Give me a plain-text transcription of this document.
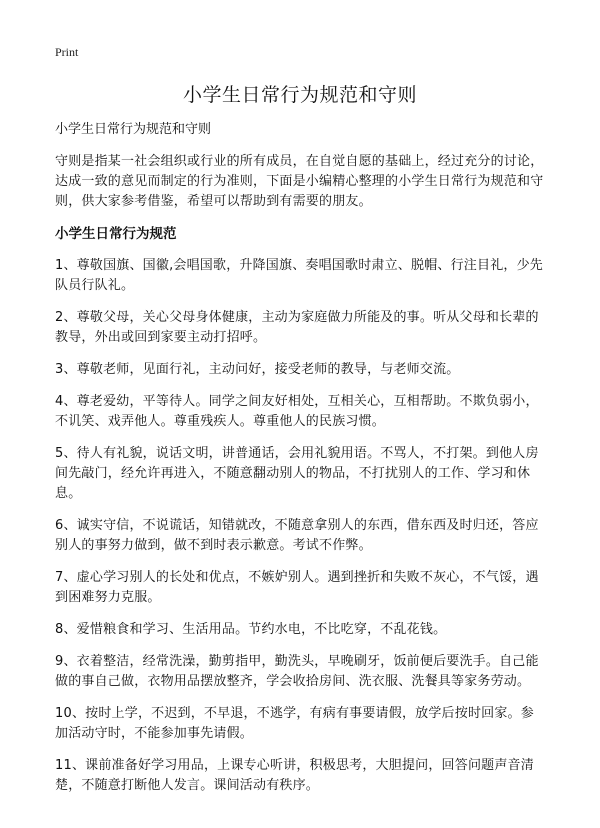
Print
小学生日常行为规范和守则

小学生日常行为规范和守则

守则是指某一社会组织或行业的所有成员，在自觉自愿的基础上，经过充分的讨论，达成一致的意见而制定的行为准则，下面是小编精心整理的小学生日常行为规范和守则，供大家参考借鉴，希望可以帮助到有需要的朋友。

小学生日常行为规范

1、尊敬国旗、国徽,会唱国歌，升降国旗、奏唱国歌时肃立、脱帽、行注目礼，少先队员行队礼。

2、尊敬父母，关心父母身体健康，主动为家庭做力所能及的事。听从父母和长辈的教导，外出或回到家要主动打招呼。

3、尊敬老师，见面行礼，主动问好，接受老师的教导，与老师交流。

4、尊老爱幼，平等待人。同学之间友好相处，互相关心，互相帮助。不欺负弱小，不讥笑、戏弄他人。尊重残疾人。尊重他人的民族习惯。

5、待人有礼貌，说话文明，讲普通话，会用礼貌用语。不骂人，不打架。到他人房间先敲门，经允许再进入，不随意翻动别人的物品，不打扰别人的工作、学习和休息。

6、诚实守信，不说谎话，知错就改，不随意拿别人的东西，借东西及时归还，答应别人的事努力做到，做不到时表示歉意。考试不作弊。

7、虚心学习别人的长处和优点，不嫉妒别人。遇到挫折和失败不灰心，不气馁，遇到困难努力克服。

8、爱惜粮食和学习、生活用品。节约水电，不比吃穿，不乱花钱。

9、衣着整洁，经常洗澡，勤剪指甲，勤洗头，早晚刷牙，饭前便后要洗手。自己能做的事自己做，衣物用品摆放整齐，学会收拾房间、洗衣服、洗餐具等家务劳动。

10、按时上学，不迟到，不早退，不逃学，有病有事要请假，放学后按时回家。参加活动守时，不能参加事先请假。

11、课前准备好学习用品，上课专心听讲，积极思考，大胆提问，回答问题声音清楚，不随意打断他人发言。课间活动有秩序。
